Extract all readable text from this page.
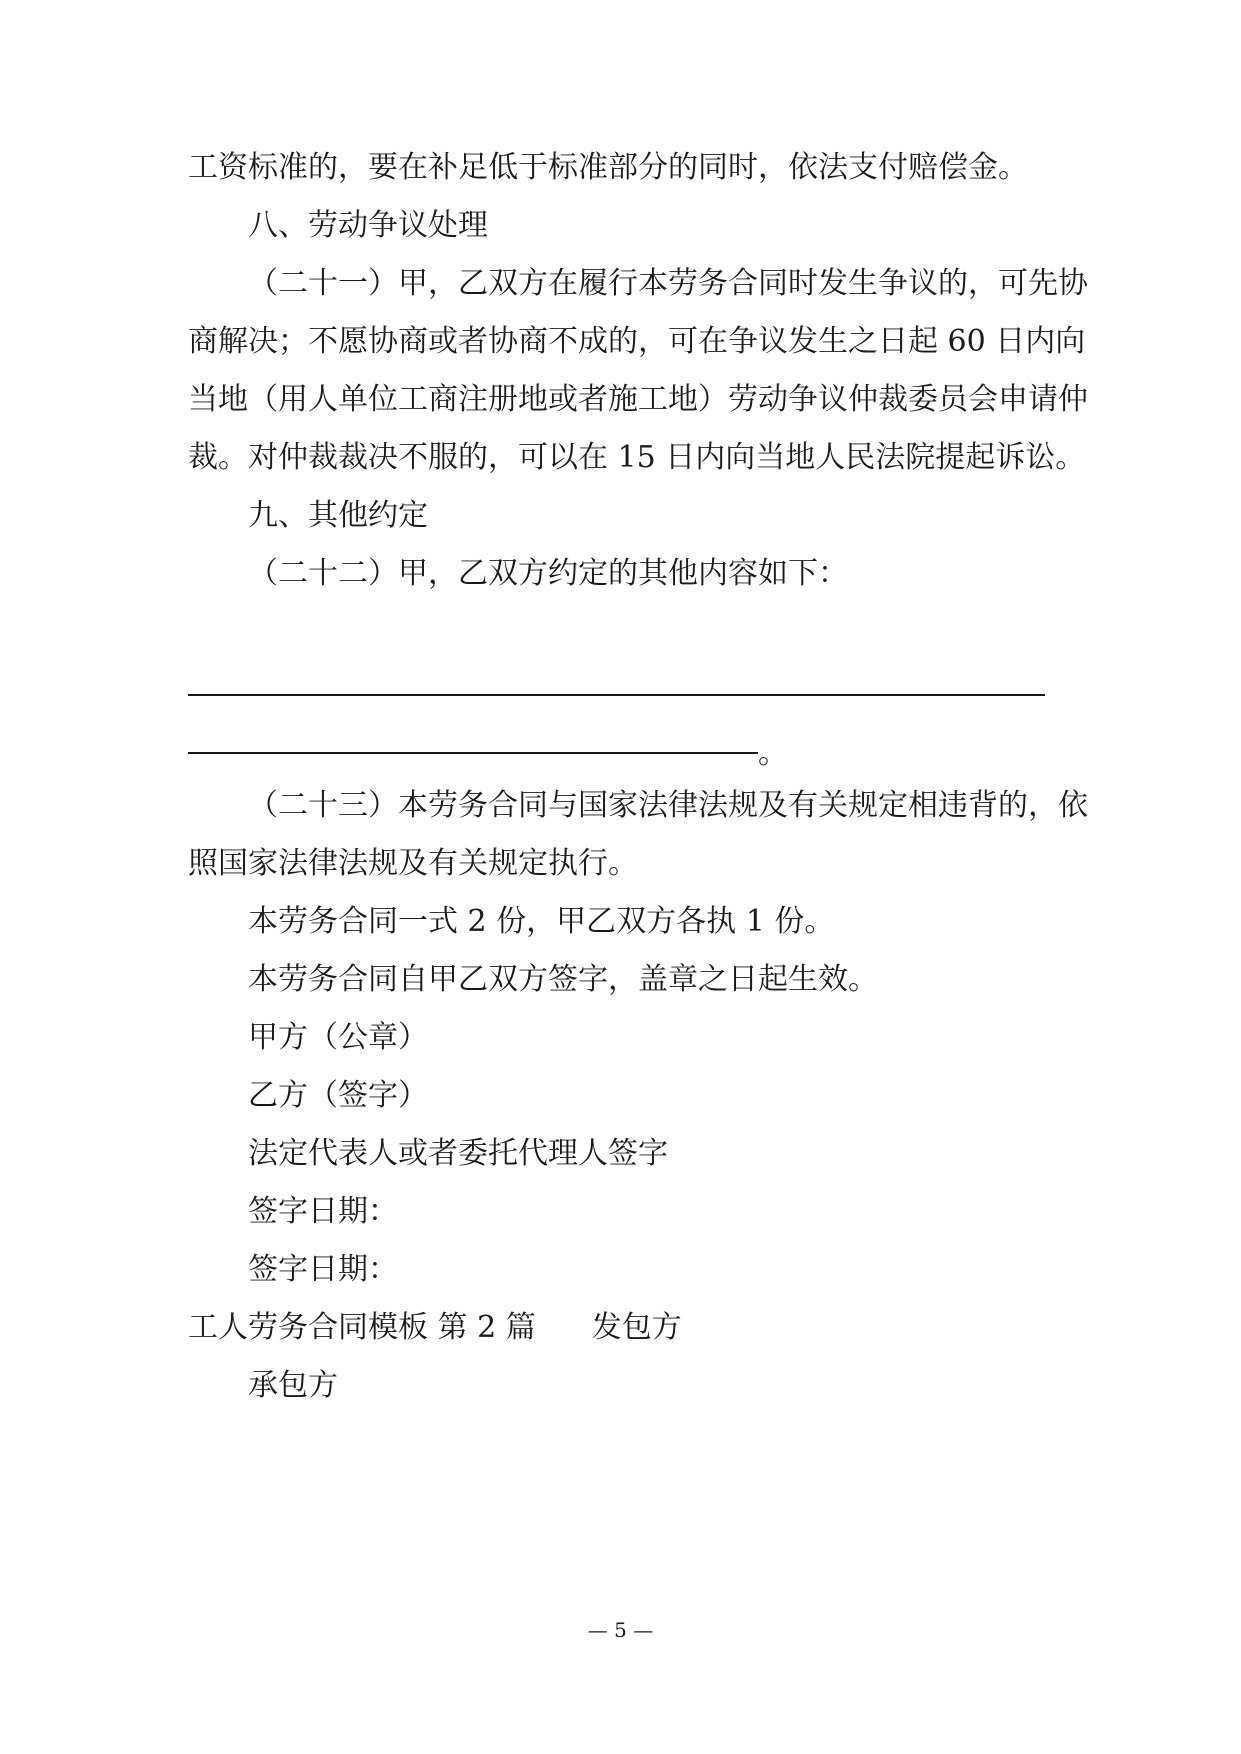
工资标准的，要在补足低于标准部分的同时，依法支付赔偿金。
八、劳动争议处理
（二十一）甲，乙双方在履行本劳务合同时发生争议的，可先协
商解决；不愿协商或者协商不成的，可在争议发生之日起 60 日内向
当地（用人单位工商注册地或者施工地）劳动争议仲裁委员会申请仲
裁。对仲裁裁决不服的，可以在 15 日内向当地人民法院提起诉讼。
九、其他约定
（二十二）甲，乙双方约定的其他内容如下：
。
（二十三）本劳务合同与国家法律法规及有关规定相违背的，依
照国家法律法规及有关规定执行。
本劳务合同一式 2 份，甲乙双方各执 1 份。
本劳务合同自甲乙双方签字，盖章之日起生效。
甲方（公章）
乙方（签字）
法定代表人或者委托代理人签字
签字日期：
签字日期：
工人劳务合同模板 第 2 篇 发包方
承包方
— 5 —
